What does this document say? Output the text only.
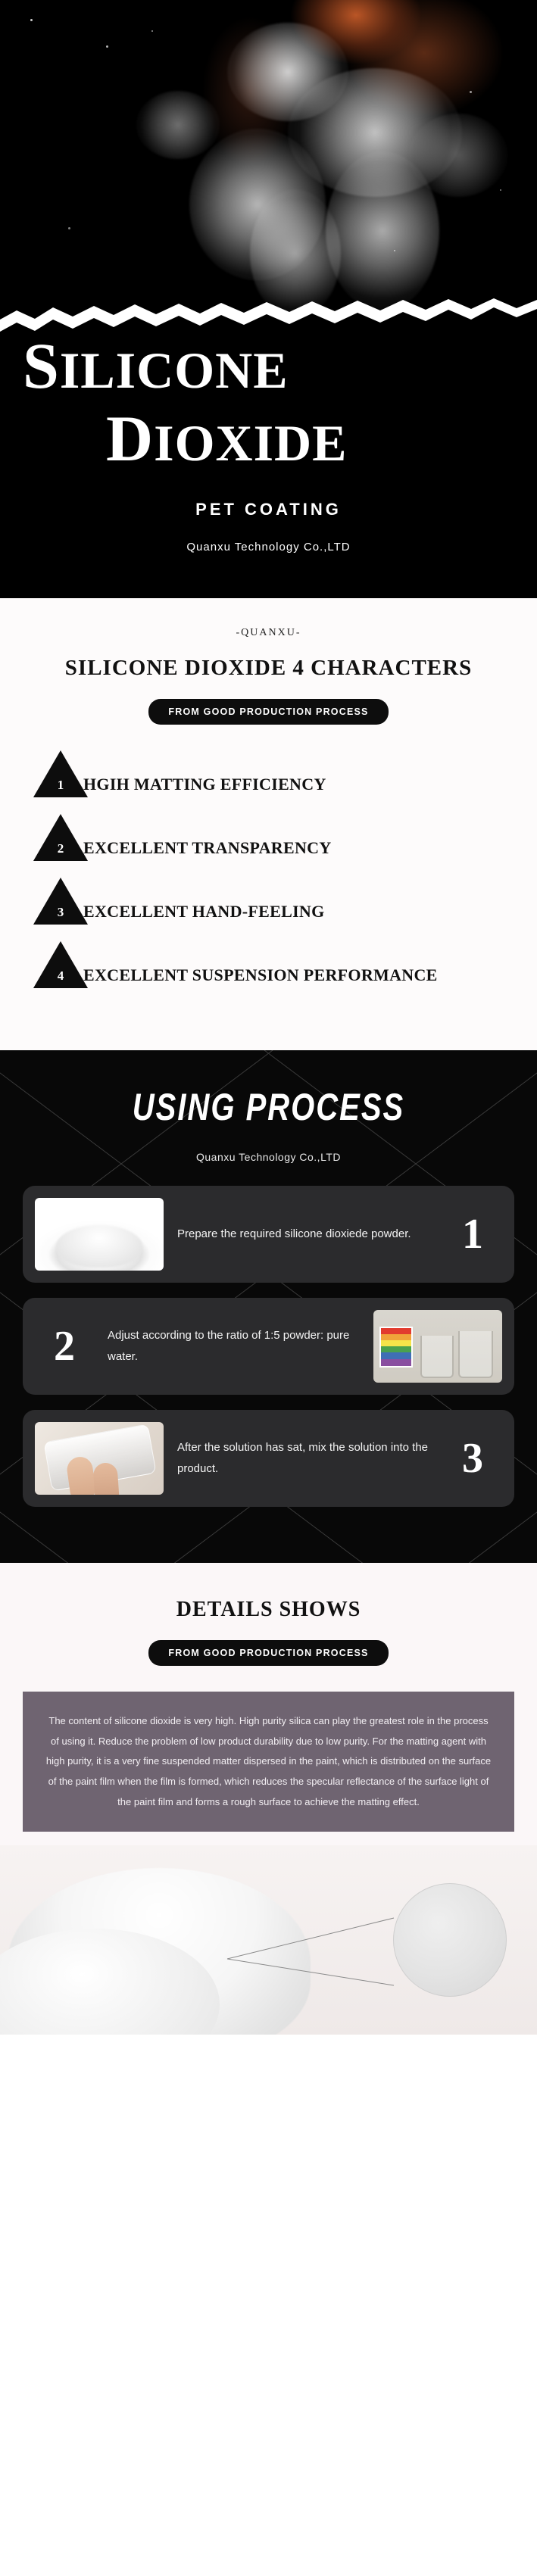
SILICONE
DIOXIDE
PET COATING
Quanxu Technology Co.,LTD
-QUANXU-
SILICONE DIOXIDE 4 CHARACTERS
FROM GOOD PRODUCTION PROCESS
1	HGIH MATTING EFFICIENCY
2	EXCELLENT TRANSPARENCY
3	EXCELLENT HAND-FEELING
4	EXCELLENT SUSPENSION PERFORMANCE
USING PROCESS
Quanxu Technology Co.,LTD
Prepare the required silicone dioxiede powder.	1
2	Adjust according to the ratio of 1:5 powder: pure water.
After the solution has sat, mix the solution into the product.	3
DETAILS SHOWS
FROM GOOD PRODUCTION PROCESS
The content of silicone dioxide is very high. High purity silica can play the greatest role in the process of using it. Reduce the problem of low product durability due to low purity. For the matting agent with high purity, it is a very fine suspended matter dispersed in the paint, which is distributed on the surface of the paint film when the film is formed, which reduces the specular reflectance of the surface light of the paint film and forms a rough surface to achieve the matting effect.
